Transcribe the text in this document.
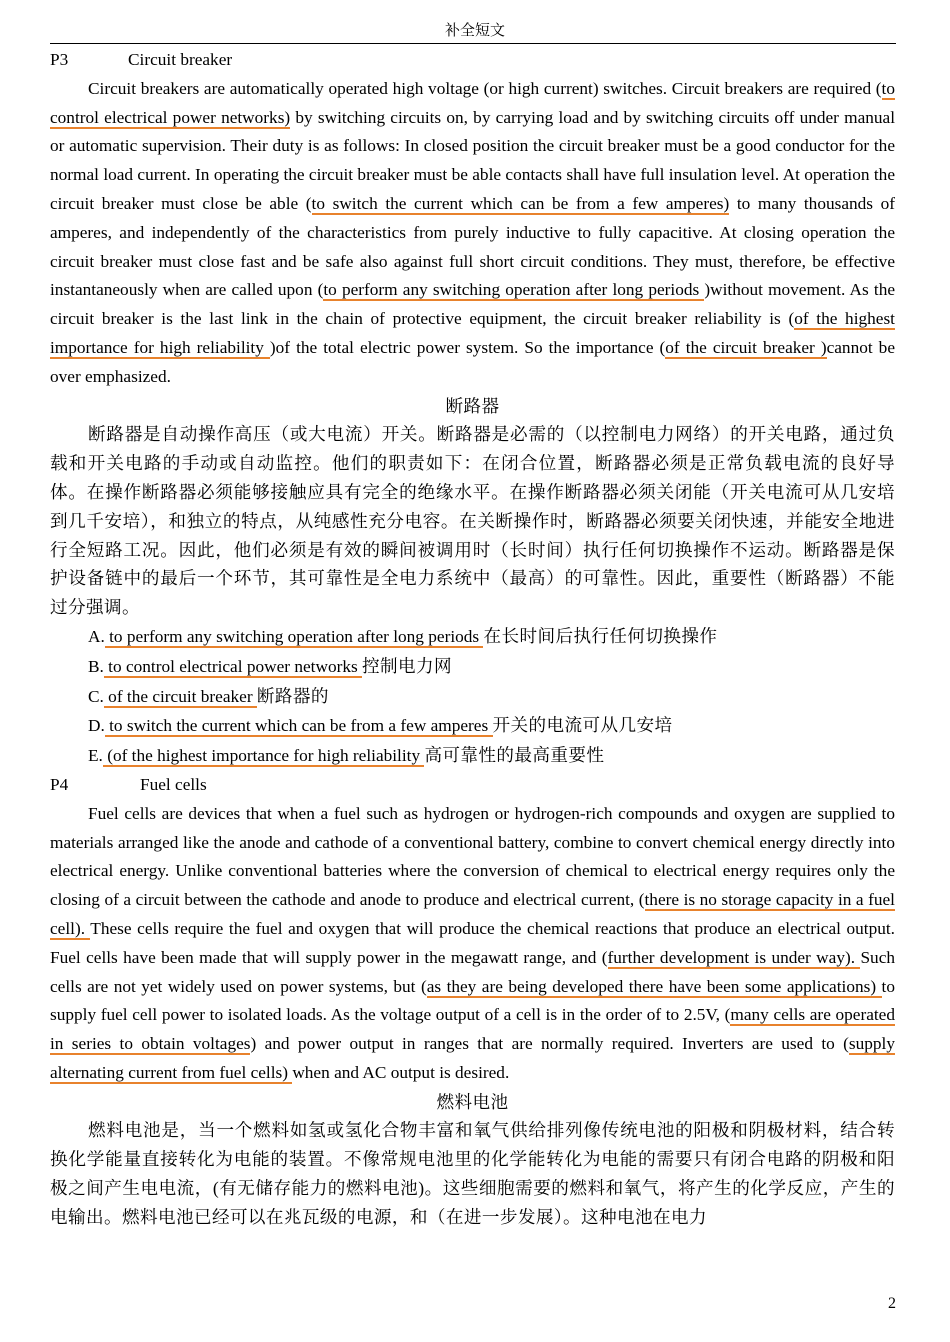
补全短文
P3	Circuit breaker

Circuit breakers are automatically operated high voltage (or high current) switches. Circuit breakers are required (to control electrical power networks) by switching circuits on, by carrying load and by switching circuits off under manual or automatic supervision. Their duty is as follows: In closed position the circuit breaker must be a good conductor for the normal load current. In operating the circuit breaker must be able contacts shall have full insulation level. At operation the circuit breaker must close be able (to switch the current which can be from a few amperes) to many thousands of amperes, and independently of the characteristics from purely inductive to fully capacitive. At closing operation the circuit breaker must close fast and be safe also against full short circuit conditions. They must, therefore, be effective instantaneously when are called upon (to perform any switching operation after long periods )without movement. As the circuit breaker is the last link in the chain of protective equipment, the circuit breaker reliability is (of the highest importance for high reliability )of the total electric power system. So the importance (of the circuit breaker )cannot be over emphasized.

断路器

断路器是自动操作高压（或大电流）开关。断路器是必需的（以控制电力网络）的开关电路，通过负载和开关电路的手动或自动监控。他们的职责如下：在闭合位置，断路器必须是正常负载电流的良好导体。在操作断路器必须能够接触应具有完全的绝缘水平。在操作断路器必须关闭能（开关电流可从几安培到几千安培），和独立的特点，从纯感性充分电容。在关断操作时，断路器必须要关闭快速，并能安全地进行全短路工况。因此，他们必须是有效的瞬间被调用时（长时间）执行任何切换操作不运动。断路器是保护设备链中的最后一个环节，其可靠性是全电力系统中（最高）的可靠性。因此，重要性（断路器）不能过分强调。

A. to perform any switching operation after long periods 在长时间后执行任何切换操作
B. to control electrical power networks 控制电力网
C. of the circuit breaker 断路器的
D. to switch the current which can be from a few amperes 开关的电流可从几安培
E. (of the highest importance for high reliability 高可靠性的最高重要性
P4	Fuel cells

Fuel cells are devices that when a fuel such as hydrogen or hydrogen-rich compounds and oxygen are supplied to materials arranged like the anode and cathode of a conventional battery, combine to convert chemical energy directly into electrical energy. Unlike conventional batteries where the conversion of chemical to electrical energy requires only the closing of a circuit between the cathode and anode to produce and electrical current, (there is no storage capacity in a fuel cell). These cells require the fuel and oxygen that will produce the chemical reactions that produce an electrical output. Fuel cells have been made that will supply power in the megawatt range, and (further development is under way). Such cells are not yet widely used on power systems, but (as they are being developed there have been some applications) to supply fuel cell power to isolated loads. As the voltage output of a cell is in the order of to 2.5V, (many cells are operated in series to obtain voltages) and power output in ranges that are normally required. Inverters are used to (supply alternating current from fuel cells) when and AC output is desired.

燃料电池

燃料电池是，当一个燃料如氢或氢化合物丰富和氧气供给排列像传统电池的阳极和阴极材料，结合转换化学能量直接转化为电能的装置。不像常规电池里的化学能转化为电能的需要只有闭合电路的阴极和阳极之间产生电电流，(有无储存能力的燃料电池)。这些细胞需要的燃料和氧气，将产生的化学反应，产生的电输出。燃料电池已经可以在兆瓦级的电源，和（在进一步发展）。这种电池在电力

2
